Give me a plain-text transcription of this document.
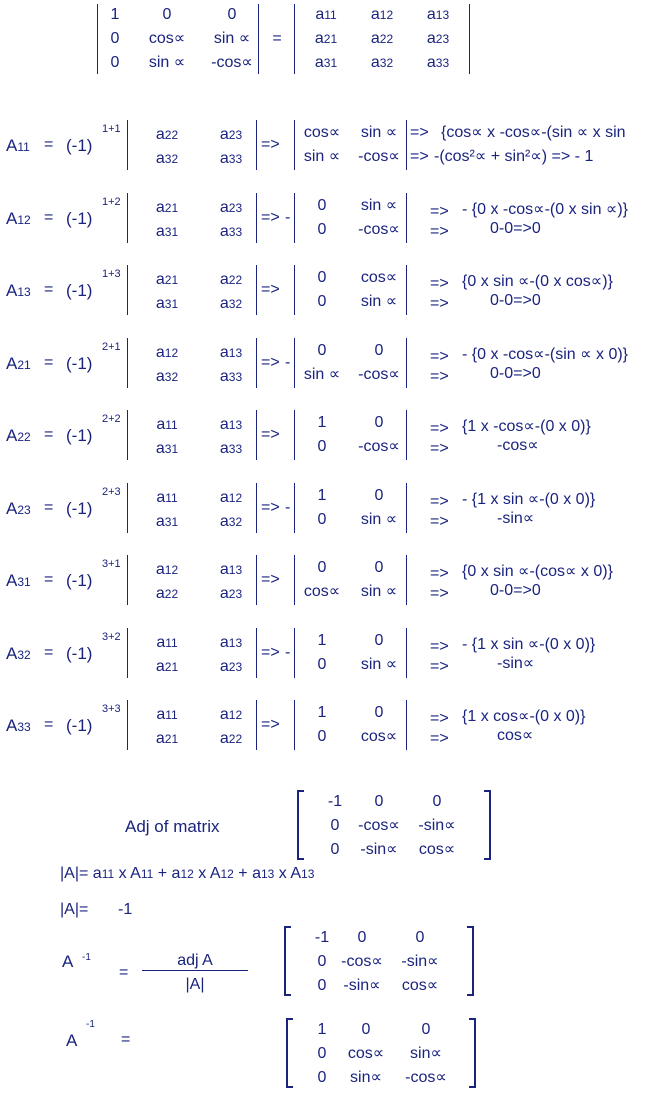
=
1	0	0
0	cos∝	sin ∝
0	sin ∝	-cos∝
a11	a12	a13
a21	a22	a23
a31	a32	a33
A11 = (-1)
1+1	a22	a23
a32	a33
=>
cos∝	sin ∝
sin ∝	-cos∝
=> {cos∝ x -cos∝-(sin ∝ x sin
=> -(cos²∝ + sin²∝) => - 1
A12 = (-1)
1+2	a21	a23
a31	a33
=> -
0	sin ∝
0	-cos∝
=> - {0 x -cos∝-(0 x sin ∝)}
=>	0-0=>0
A13 = (-1)
1+3	a21	a22
a31	a32
=>
0	cos∝
0	sin ∝
=> {0 x sin ∝-(0 x cos∝)}
=>	0-0=>0
A21 = (-1)
2+1	a12	a13
a32	a33
=> -
0	0
sin ∝	-cos∝
=> - {0 x -cos∝-(sin ∝ x 0)}
=>	0-0=>0
A22 = (-1)
2+2	a11	a13
a31	a33
=>
1	0
0	-cos∝
=> {1 x -cos∝-(0 x 0)}
=>	-cos∝
A23 = (-1)
2+3	a11	a12
a31	a32
=> -
1	0
0	sin ∝
=> - {1 x sin ∝-(0 x 0)}
=>	-sin∝
A31 = (-1)
3+1	a12	a13
a22	a23
=>
0	0
cos∝	sin ∝
=> {0 x sin ∝-(cos∝ x 0)}
=>	0-0=>0
A32 = (-1)
3+2	a11	a13
a21	a23
=> -
1	0
0	sin ∝
=> - {1 x sin ∝-(0 x 0)}
=>	-sin∝
A33 = (-1)
3+3	a11	a12
a21	a22
=>
1	0
0	cos∝
=> {1 x cos∝-(0 x 0)}
=>	cos∝
Adj of matrix
-1	0	0
0	-cos∝	-sin∝
0	-sin∝	cos∝
|A|= a11 x A11 + a12 x A12 + a13 x A13
|A|= -1
A -1
=
adj A
|A|
-1	0	0
0 -cos∝	-sin∝
0	-sin∝	cos∝
A
-1
=
1	0	0
0	cos∝	sin∝
0	sin∝	-cos∝
